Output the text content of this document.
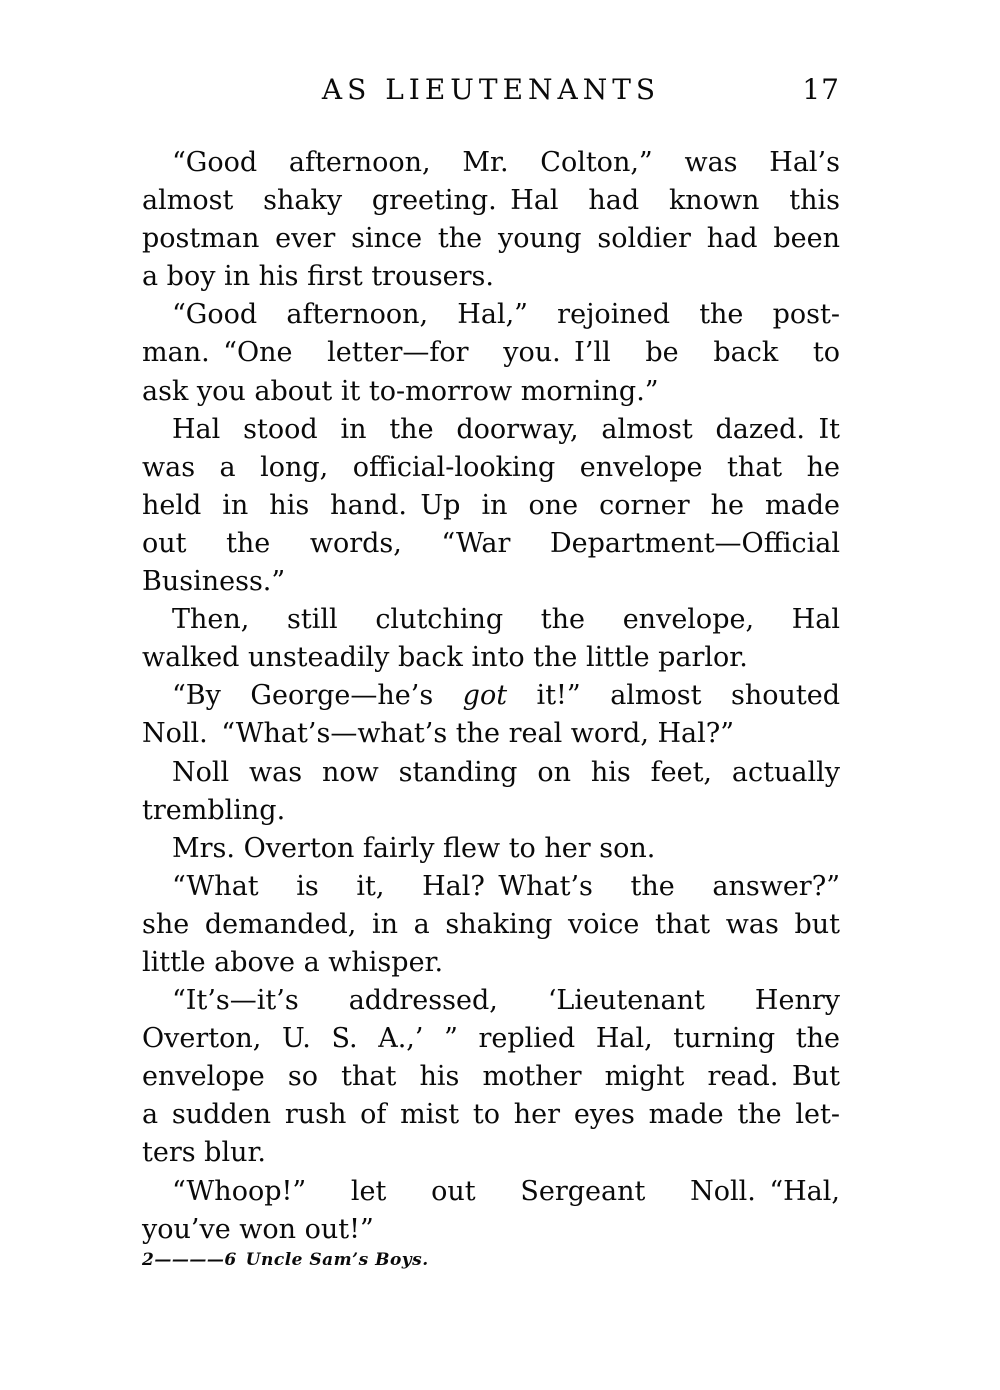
AS LIEUTENANTS	17
“Good afternoon, Mr. Colton,” was Hal’s
almost shaky greeting. Hal had known this
postman ever since the young soldier had been
a boy in his first trousers.
“Good afternoon, Hal,” rejoined the post-
man. “One letter—for you. I’ll be back to
ask you about it to-morrow morning.”
Hal stood in the doorway, almost dazed. It
was a long, official-looking envelope that he
held in his hand. Up in one corner he made
out the words, “War Department—Official
Business.”
Then, still clutching the envelope, Hal
walked unsteadily back into the little parlor.
“By George—he’s got it!” almost shouted
Noll. “What’s—what’s the real word, Hal?”
Noll was now standing on his feet, actually
trembling.
Mrs. Overton fairly flew to her son.
“What is it, Hal? What’s the answer?”
she demanded, in a shaking voice that was but
little above a whisper.
“It’s—it’s addressed, ‘Lieutenant Henry
Overton, U. S. A.,’ ” replied Hal, turning the
envelope so that his mother might read. But
a sudden rush of mist to her eyes made the let-
ters blur.
“Whoop!” let out Sergeant Noll. “Hal,
you’ve won out!”
2————6 Uncle Sam’s Boys.
